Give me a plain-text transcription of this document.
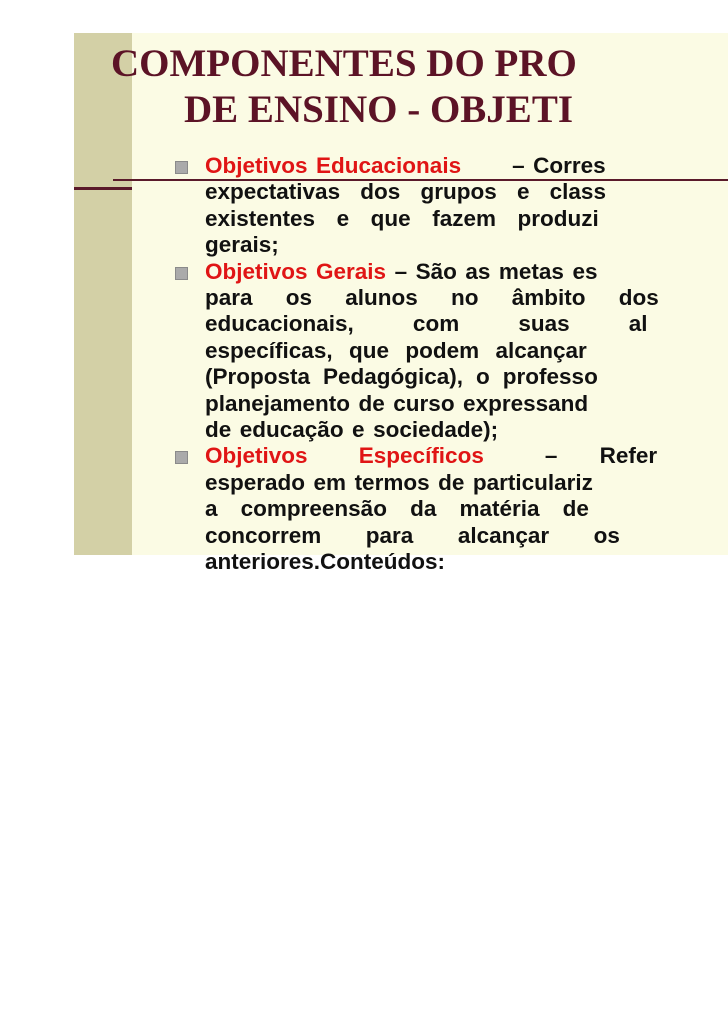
COMPONENTES DO PRO
DE ENSINO - OBJETI
Objetivos Educacionais – Corres
expectativas dos grupos e class
existentes e que fazem produzi
gerais;
Objetivos Gerais – São as metas es
para os alunos no âmbito dos
educacionais, com suas al
específicas, que podem alcançar
(Proposta Pedagógica), o professo
planejamento de curso expressand
de educação e sociedade);
Objetivos Específicos	– Refer
esperado em termos de particulariz
a compreensão da matéria de
concorrem para alcançar os
anteriores.Conteúdos:
